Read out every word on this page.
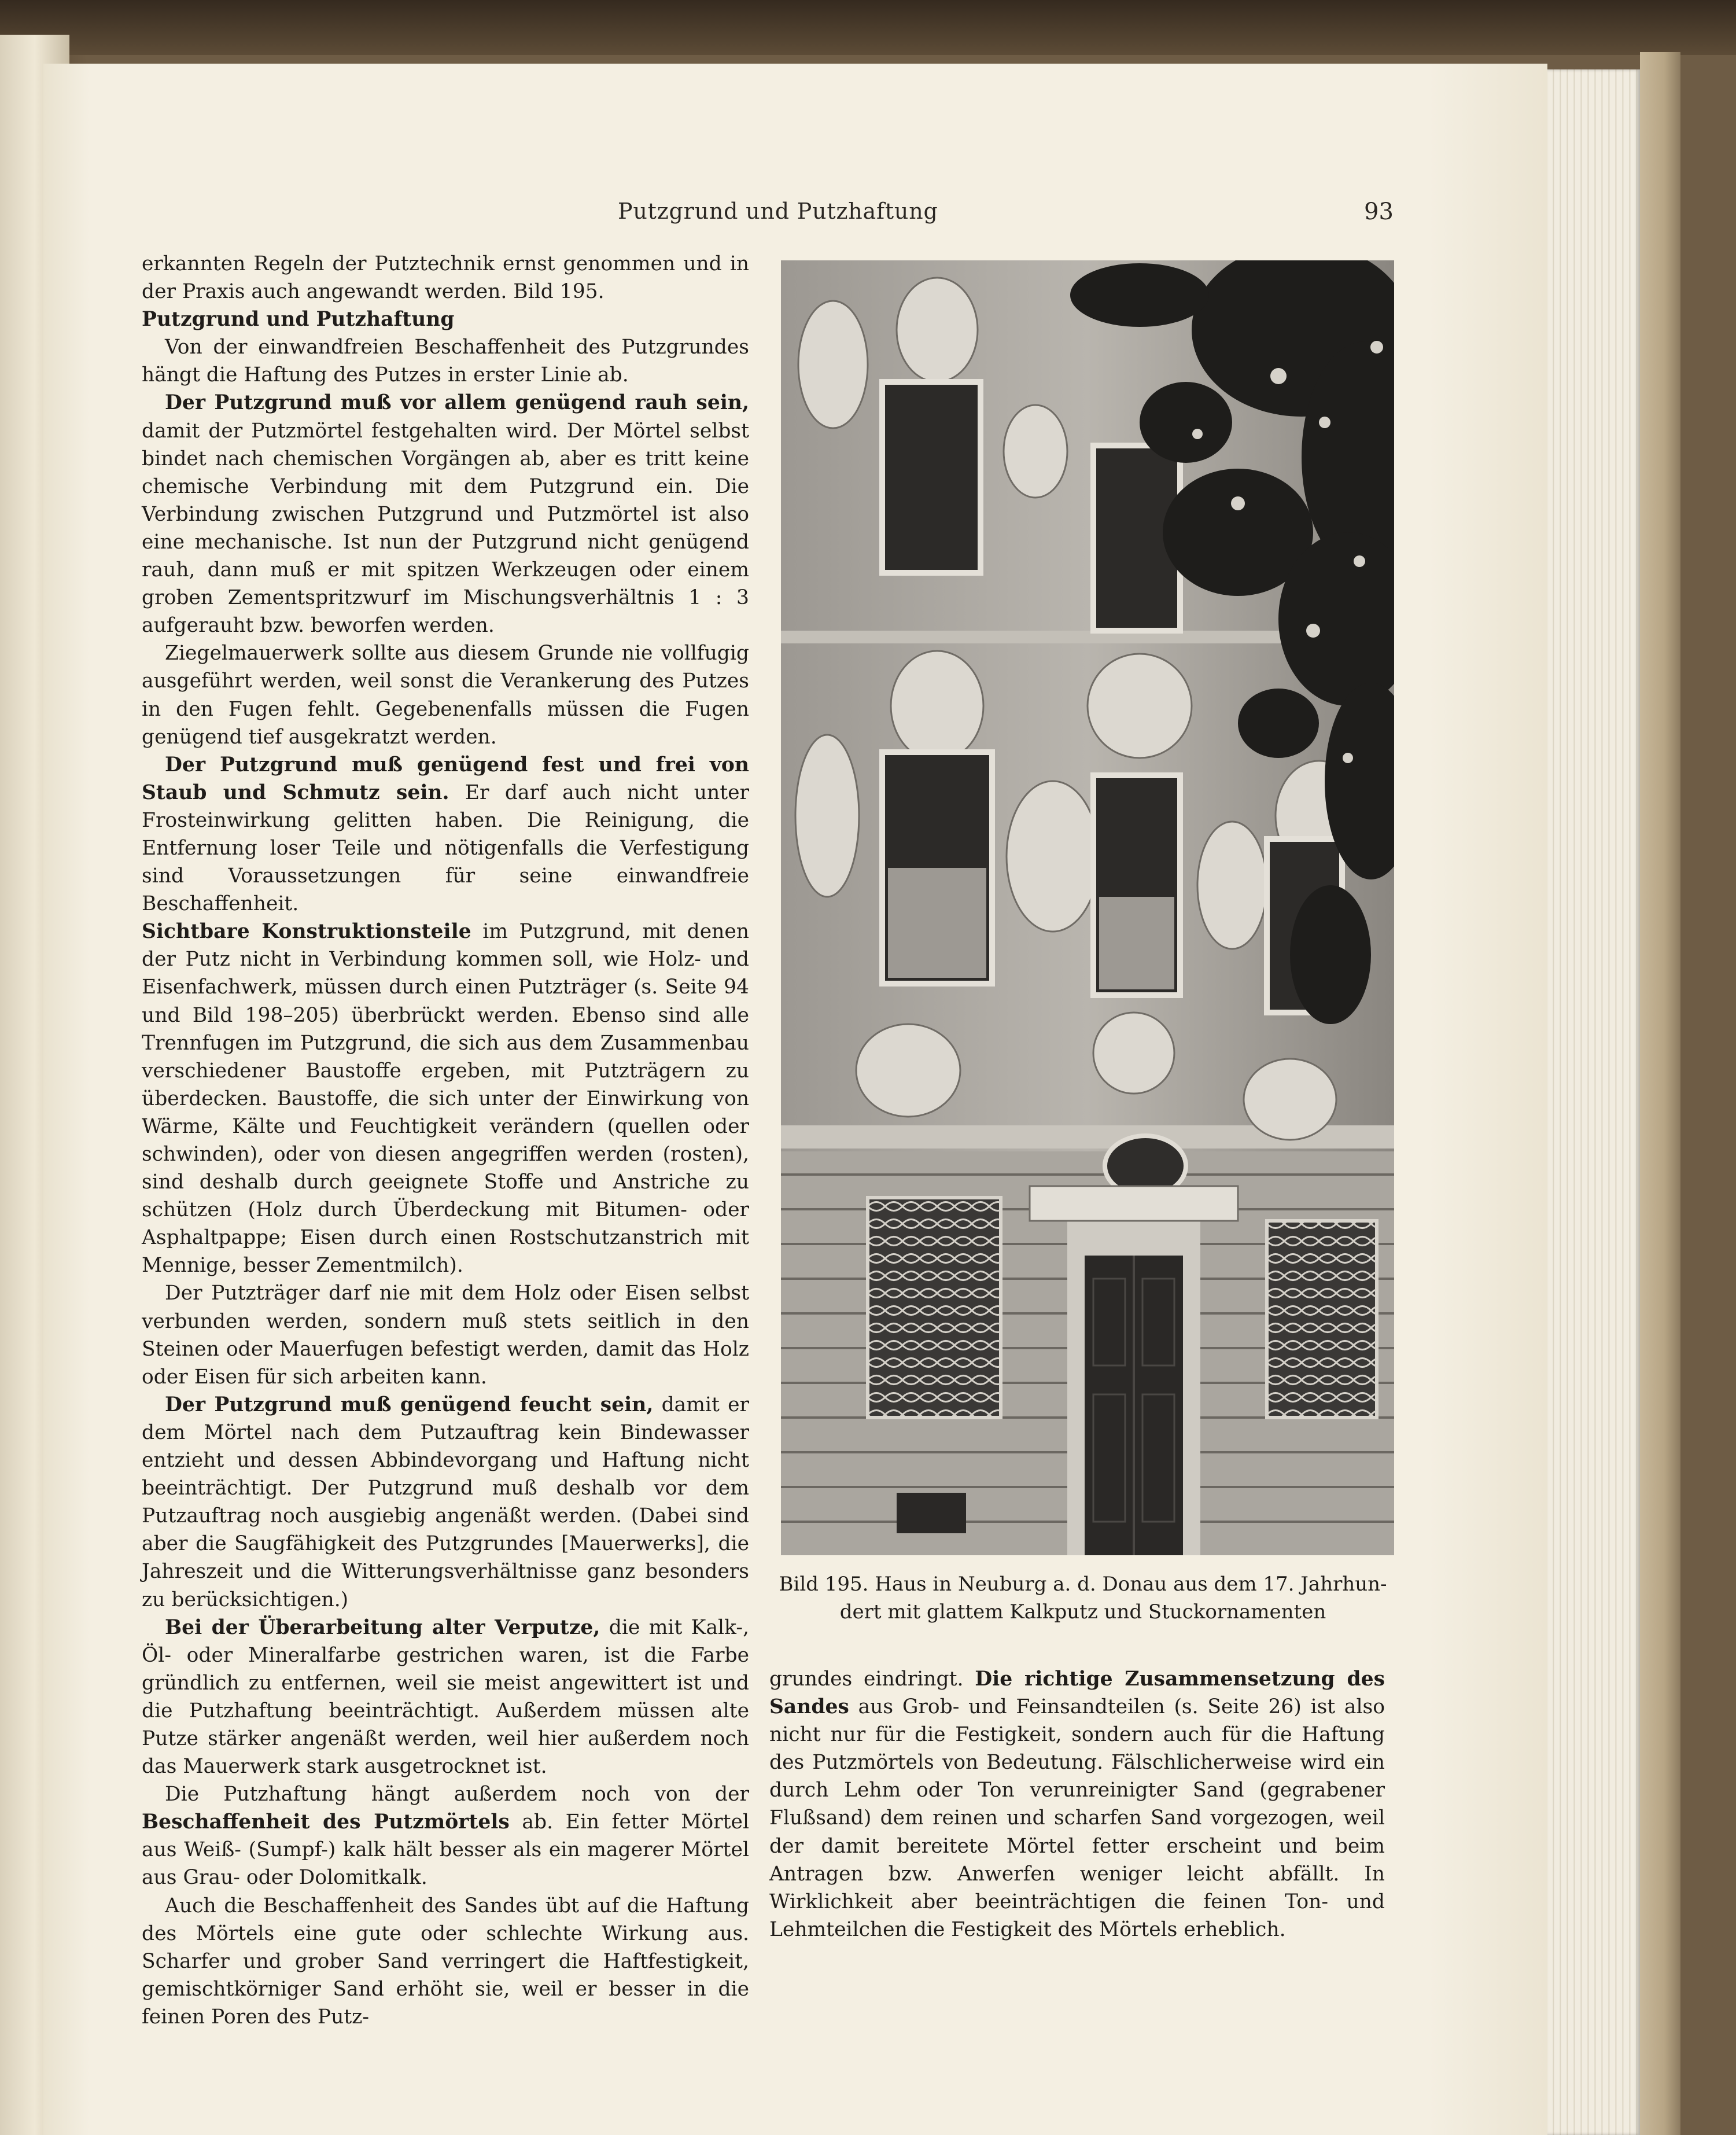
Putzgrund und Putzhaftung	93

erkannten Regeln der Putztechnik ernst genommen und in der Praxis auch angewandt werden. Bild 195.

Putzgrund und Putzhaftung

Von der einwandfreien Beschaffenheit des Putzgrundes hängt die Haftung des Putzes in erster Linie ab.

Der Putzgrund muß vor allem genügend rauh sein, damit der Putzmörtel festgehalten wird. Der Mörtel selbst bindet nach chemischen Vorgängen ab, aber es tritt keine chemische Verbindung mit dem Putzgrund ein. Die Verbindung zwischen Putzgrund und Putzmörtel ist also eine mechanische. Ist nun der Putzgrund nicht genügend rauh, dann muß er mit spitzen Werkzeugen oder einem groben Zementspritzwurf im Mischungsverhältnis 1 : 3 aufgerauht bzw. beworfen werden.

Ziegelmauerwerk sollte aus diesem Grunde nie vollfugig ausgeführt werden, weil sonst die Verankerung des Putzes in den Fugen fehlt. Gegebenenfalls müssen die Fugen genügend tief ausgekratzt werden.

Der Putzgrund muß genügend fest und frei von Staub und Schmutz sein. Er darf auch nicht unter Frosteinwirkung gelitten haben. Die Reinigung, die Entfernung loser Teile und nötigenfalls die Verfestigung sind Voraussetzungen für seine einwandfreie Beschaffenheit.

Sichtbare Konstruktionsteile im Putzgrund, mit denen der Putz nicht in Verbindung kommen soll, wie Holz- und Eisenfachwerk, müssen durch einen Putzträger (s. Seite 94 und Bild 198–205) überbrückt werden. Ebenso sind alle Trennfugen im Putzgrund, die sich aus dem Zusammenbau verschiedener Baustoffe ergeben, mit Putzträgern zu überdecken. Baustoffe, die sich unter der Einwirkung von Wärme, Kälte und Feuchtigkeit verändern (quellen oder schwinden), oder von diesen angegriffen werden (rosten), sind deshalb durch geeignete Stoffe und Anstriche zu schützen (Holz durch Überdeckung mit Bitumen- oder Asphaltpappe; Eisen durch einen Rostschutzanstrich mit Mennige, besser Zementmilch).

Der Putzträger darf nie mit dem Holz oder Eisen selbst verbunden werden, sondern muß stets seitlich in den Steinen oder Mauerfugen befestigt werden, damit das Holz oder Eisen für sich arbeiten kann.

Der Putzgrund muß genügend feucht sein, damit er dem Mörtel nach dem Putzauftrag kein Bindewasser entzieht und dessen Abbindevorgang und Haftung nicht beeinträchtigt. Der Putzgrund muß deshalb vor dem Putzauftrag noch ausgiebig angenäßt werden. (Dabei sind aber die Saugfähigkeit des Putzgrundes [Mauerwerks], die Jahreszeit und die Witterungsverhältnisse ganz besonders zu berücksichtigen.)

Bei der Überarbeitung alter Verputze, die mit Kalk-, Öl- oder Mineralfarbe gestrichen waren, ist die Farbe gründlich zu entfernen, weil sie meist angewittert ist und die Putzhaftung beeinträchtigt. Außerdem müssen alte Putze stärker angenäßt werden, weil hier außerdem noch das Mauerwerk stark ausgetrocknet ist.

Die Putzhaftung hängt außerdem noch von der Beschaffenheit des Putzmörtels ab. Ein fetter Mörtel aus Weiß- (Sumpf-) kalk hält besser als ein magerer Mörtel aus Grau- oder Dolomitkalk.

Auch die Beschaffenheit des Sandes übt auf die Haftung des Mörtels eine gute oder schlechte Wirkung aus. Scharfer und grober Sand verringert die Haftfestigkeit, gemischtkörniger Sand erhöht sie, weil er besser in die feinen Poren des Putz-

Bild 195. Haus in Neuburg a. d. Donau aus dem 17. Jahrhun-
dert mit glattem Kalkputz und Stuckornamenten

grundes eindringt. Die richtige Zusammensetzung des Sandes aus Grob- und Feinsandteilen (s. Seite 26) ist also nicht nur für die Festigkeit, sondern auch für die Haftung des Putzmörtels von Bedeutung. Fälschlicherweise wird ein durch Lehm oder Ton verunreinigter Sand (gegrabener Flußsand) dem reinen und scharfen Sand vorgezogen, weil der damit bereitete Mörtel fetter erscheint und beim Antragen bzw. Anwerfen weniger leicht abfällt. In Wirklichkeit aber beeinträchtigen die feinen Ton- und Lehmteilchen die Festigkeit des Mörtels erheblich.
